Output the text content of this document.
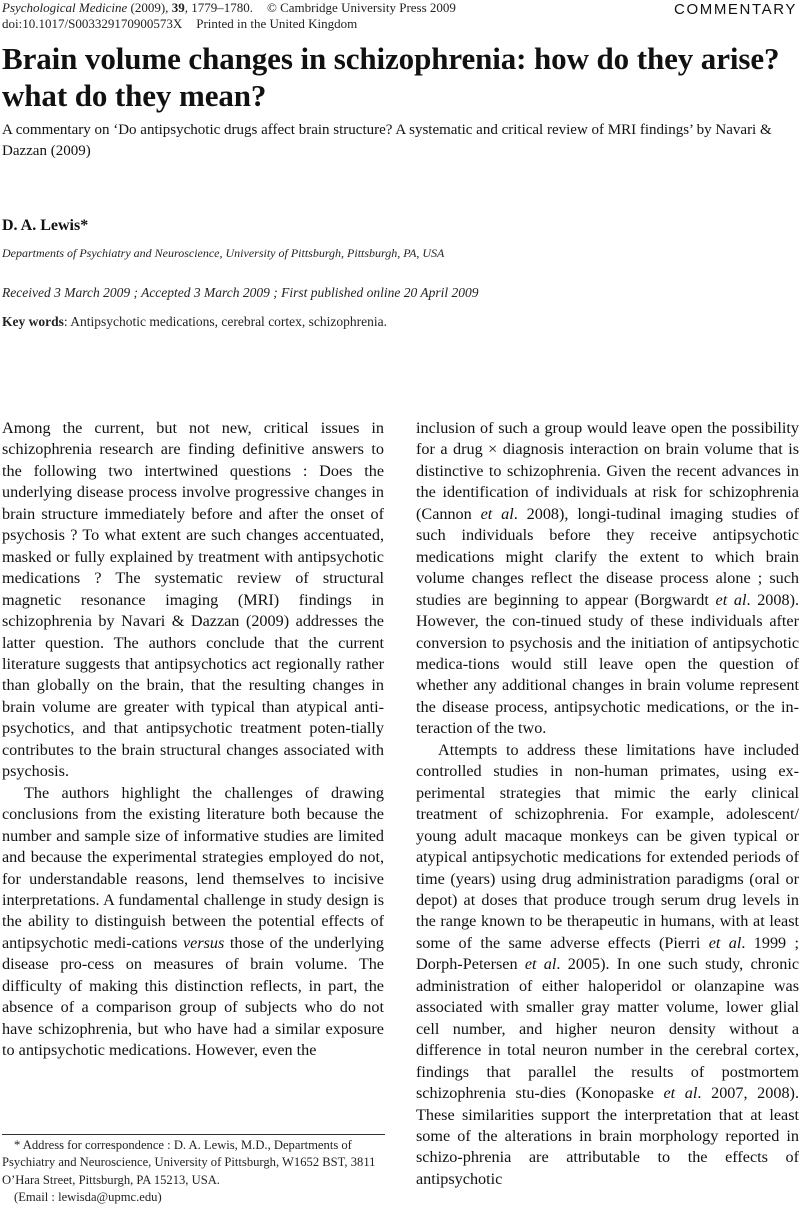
Psychological Medicine (2009), 39, 1779–1780. © Cambridge University Press 2009
doi:10.1017/S003329170900573X Printed in the United Kingdom
COMMENTARY
Brain volume changes in schizophrenia: how do they arise? what do they mean?

A commentary on ‘Do antipsychotic drugs affect brain structure? A systematic and critical review of MRI findings’ by Navari & Dazzan (2009)

D. A. Lewis*
Departments of Psychiatry and Neuroscience, University of Pittsburgh, Pittsburgh, PA, USA
Received 3 March 2009 ; Accepted 3 March 2009 ; First published online 20 April 2009
Key words: Antipsychotic medications, cerebral cortex, schizophrenia.

Among the current, but not new, critical issues in schizophrenia research are finding definitive answers to the following two intertwined questions : Does the underlying disease process involve progressive changes in brain structure immediately before and after the onset of psychosis ? To what extent are such changes accentuated, masked or fully explained by treatment with antipsychotic medications ? The systematic review of structural magnetic resonance imaging (MRI) findings in schizophrenia by Navari & Dazzan (2009) addresses the latter question. The authors conclude that the current literature suggests that antipsychotics act regionally rather than globally on the brain, that the resulting changes in brain volume are greater with typical than atypical anti-psychotics, and that antipsychotic treatment poten-tially contributes to the brain structural changes associated with psychosis.

The authors highlight the challenges of drawing conclusions from the existing literature both because the number and sample size of informative studies are limited and because the experimental strategies employed do not, for understandable reasons, lend themselves to incisive interpretations. A fundamental challenge in study design is the ability to distinguish between the potential effects of antipsychotic medi-cations versus those of the underlying disease pro-cess on measures of brain volume. The difficulty of making this distinction reflects, in part, the absence of a comparison group of subjects who do not have schizophrenia, but who have had a similar exposure to antipsychotic medications. However, even the

inclusion of such a group would leave open the possibility for a drug × diagnosis interaction on brain volume that is distinctive to schizophrenia. Given the recent advances in the identification of individuals at risk for schizophrenia (Cannon et al. 2008), longi-tudinal imaging studies of such individuals before they receive antipsychotic medications might clarify the extent to which brain volume changes reflect the disease process alone ; such studies are beginning to appear (Borgwardt et al. 2008). However, the con-tinued study of these individuals after conversion to psychosis and the initiation of antipsychotic medica-tions would still leave open the question of whether any additional changes in brain volume represent the disease process, antipsychotic medications, or the in-teraction of the two.

Attempts to address these limitations have included controlled studies in non-human primates, using ex-perimental strategies that mimic the early clinical treatment of schizophrenia. For example, adolescent/ young adult macaque monkeys can be given typical or atypical antipsychotic medications for extended periods of time (years) using drug administration paradigms (oral or depot) at doses that produce trough serum drug levels in the range known to be therapeutic in humans, with at least some of the same adverse effects (Pierri et al. 1999 ; Dorph-Petersen et al. 2005). In one such study, chronic administration of either haloperidol or olanzapine was associated with smaller gray matter volume, lower glial cell number, and higher neuron density without a difference in total neuron number in the cerebral cortex, findings that parallel the results of postmortem schizophrenia stu-dies (Konopaske et al. 2007, 2008). These similarities support the interpretation that at least some of the alterations in brain morphology reported in schizo-phrenia are attributable to the effects of antipsychotic

* Address for correspondence : D. A. Lewis, M.D., Departments of Psychiatry and Neuroscience, University of Pittsburgh, W1652 BST, 3811 O’Hara Street, Pittsburgh, PA 15213, USA.

(Email : lewisda@upmc.edu)
